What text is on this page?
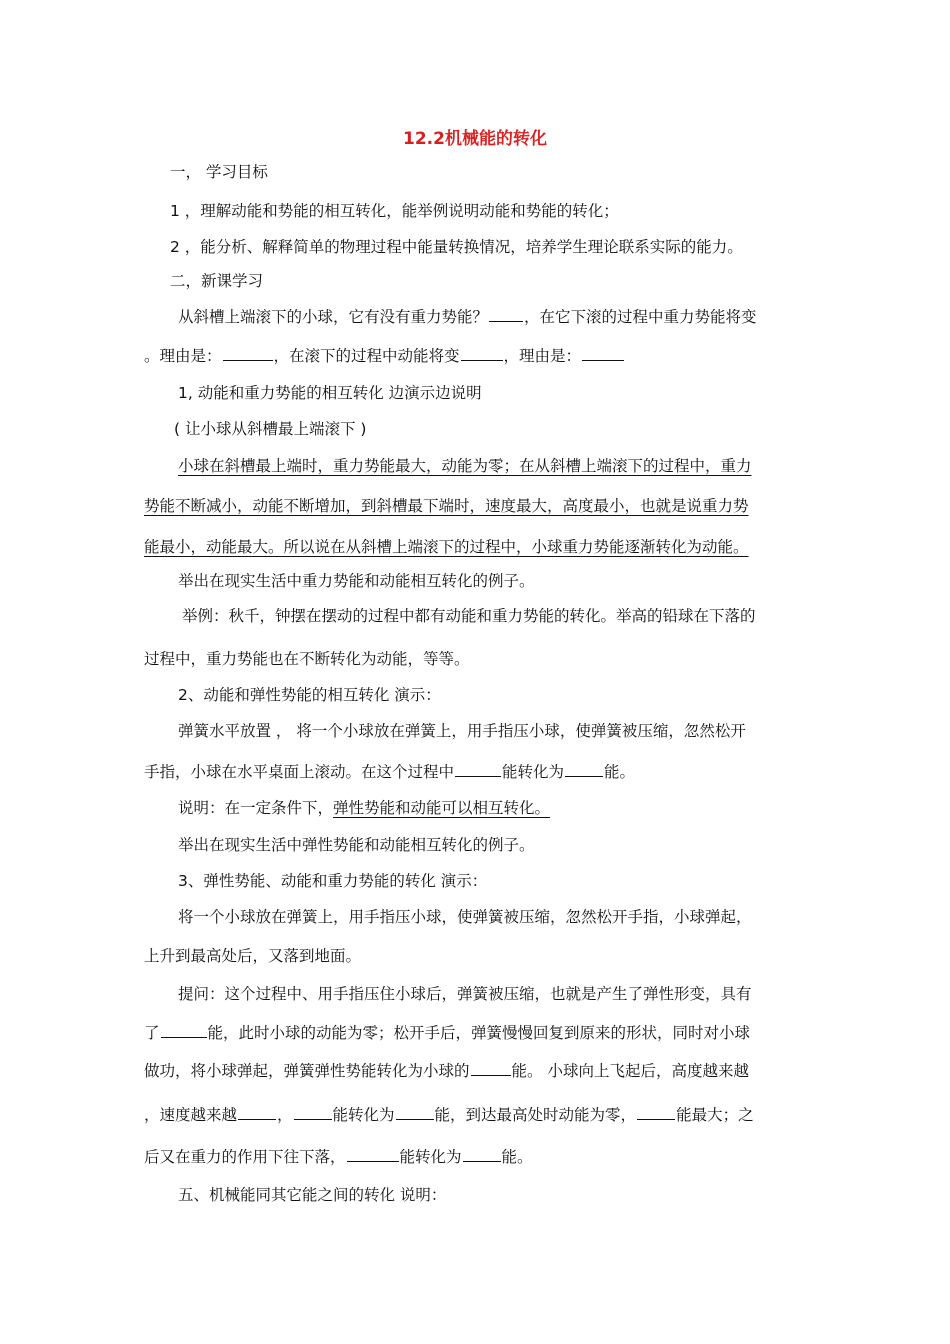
12.2机械能的转化
一， 学习目标
1 ，理解动能和势能的相互转化，能举例说明动能和势能的转化；
2 ，能分析、解释简单的物理过程中能量转换情况，培养学生理论联系实际的能力。
二，新课学习
从斜槽上端滚下的小球，它有没有重力势能？ ，在它下滚的过程中重力势能将变
。理由是：	，在滚下的过程中动能将变	，理由是：
1, 动能和重力势能的相互转化 边演示边说明
( 让小球从斜槽最上端滚下 )
小球在斜槽最上端时，重力势能最大，动能为零；在从斜槽上端滚下的过程中，重力
势能不断减小，动能不断增加，到斜槽最下端时，速度最大，高度最小，也就是说重力势
能最小，动能最大。所以说在从斜槽上端滚下的过程中，小球重力势能逐渐转化为动能。
举出在现实生活中重力势能和动能相互转化的例子。
举例：秋千，钟摆在摆动的过程中都有动能和重力势能的转化。举高的铅球在下落的
过程中，重力势能也在不断转化为动能，等等。
2、动能和弹性势能的相互转化 演示：
弹簧水平放置 ， 将一个小球放在弹簧上，用手指压小球，使弹簧被压缩，忽然松开
手指，小球在水平桌面上滚动。在这个过程中	能转化为	能。
说明：在一定条件下，弹性势能和动能可以相互转化。
举出在现实生活中弹性势能和动能相互转化的例子。
3、弹性势能、动能和重力势能的转化 演示：
将一个小球放在弹簧上，用手指压小球，使弹簧被压缩，忽然松开手指，小球弹起，
上升到最高处后，又落到地面。
提问：这个过程中、用手指压住小球后，弹簧被压缩，也就是产生了弹性形变，具有
了	能，此时小球的动能为零；松开手后，弹簧慢慢回复到原来的形状，同时对小球
做功，将小球弹起，弹簧弹性势能转化为小球的	能。 小球向上飞起后，高度越来越
，速度越来越	，	能转化为	能，到达最高处时动能为零，	能最大；之
后又在重力的作用下往下落，	能转化为	能。
五、机械能同其它能之间的转化 说明：
